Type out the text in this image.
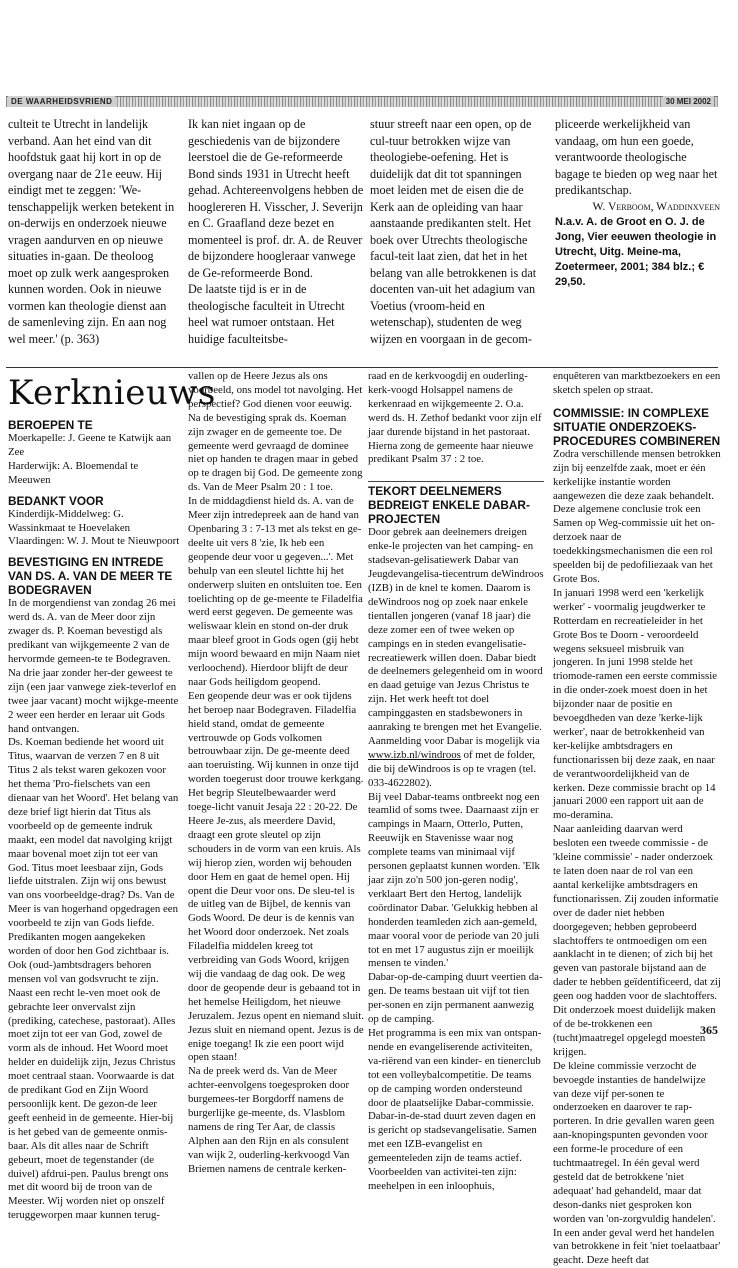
DE WAARHEIDSVRIEND	30 MEI 2002

culteit te Utrecht in landelijk verband. Aan het eind van dit hoofdstuk gaat hij kort in op de overgang naar de 21e eeuw. Hij eindigt met te zeggen: 'We-tenschappelijk werken betekent in on-derwijs en onderzoek nieuwe vragen aandurven en op nieuwe situaties in-gaan. De theoloog moet op zulk werk aangesproken kunnen worden. Ook in nieuwe vormen kan theologie dienst aan de samenleving zijn. En aan nog wel meer.' (p. 363)

Ik kan niet ingaan op de geschiedenis van de bijzondere leerstoel die de Ge-reformeerde Bond sinds 1931 in Utrecht heeft gehad. Achtereenvolgens hebben de hooglereren H. Visscher, J. Severijn en C. Graafland deze bezet en momenteel is prof. dr. A. de Reuver de bijzondere hoogleraar vanwege de Ge-reformeerde Bond.
De laatste tijd is er in de theologische faculteit in Utrecht heel wat rumoer ontstaan. Het huidige faculteitsbe-

stuur streeft naar een open, op de cul-tuur betrokken wijze van theologiebe-oefening. Het is duidelijk dat dit tot spanningen moet leiden met de eisen die de Kerk aan de opleiding van haar aanstaande predikanten stelt. Het boek over Utrechts theologische facul-teit laat zien, dat het in het belang van alle betrokkenen is dat docenten van-uit het adagium van Voetius (vroom-heid en wetenschap), studenten de weg wijzen en voorgaan in de gecom-

pliceerde werkelijkheid van vandaag, om hun een goede, verantwoorde theologische bagage te bieden op weg naar het predikantschap.

W. Verboom, Waddinxveen

N.a.v. A. de Groot en O. J. de Jong, Vier eeuwen theologie in Utrecht, Uitg. Meine-ma, Zoetermeer, 2001; 384 blz.; € 29,50.

Kerknieuws
BEROEPEN TE

Moerkapelle: J. Geene te Katwijk aan Zee
Harderwijk: A. Bloemendal te Meeuwen

BEDANKT VOOR

Kinderdijk-Middelweg: G. Wassinkmaat te Hoevelaken
Vlaardingen: W. J. Mout te Nieuwpoort

BEVESTIGING EN INTREDE VAN DS. A. VAN DE MEER TE BODEGRAVEN

In de morgendienst van zondag 26 mei werd ds. A. van de Meer door zijn zwager ds. P. Koeman bevestigd als predikant van wijkgemeente 2 van de hervormde gemeen-te te Bodegraven. Na drie jaar zonder her-der geweest te zijn (een jaar vanwege ziek-teverlof en twee jaar vacant) mocht wijkge-meente 2 weer een herder en leraar uit Gods hand ontvangen.
Ds. Koeman bediende het woord uit Titus, waarvan de verzen 7 en 8 uit Titus 2 als tekst waren gekozen voor het thema 'Pro-fielschets van een dienaar van het Woord'. Het belang van deze brief ligt hierin dat Titus als voorbeeld op de gemeente indruk maakt, een model dat navolging krijgt maar bovenal moet zijn tot eer van God. Titus moet leesbaar zijn, Gods liefde uitstralen. Zijn wij ons bewust van ons voorbeeldge-drag? Ds. Van de Meer is van hogerhand opgedragen een voorbeeld te zijn van Gods liefde. Predikanten mogen aangekeken worden of door hen God zichtbaar is. Ook (oud-)ambtsdragers behoren mensen vol van godsvrucht te zijn. Naast een recht le-ven moet ook de gebrachte leer onvervalst zijn (prediking, catechese, pastoraat). Alles moet zijn tot eer van God, zowel de vorm als de inhoud. Het Woord moet helder en duidelijk zijn, Jezus Christus moet centraal staan. Voorwaarde is dat de predikant God en Zijn Woord persoonlijk kent. De gezon-de leer geeft eenheid in de gemeente. Hier-bij is het gebed van de gemeente onmis-baar. Als dit alles naar de Schrift gebeurt, moet de tegenstander (de duivel) afdrui-pen. Paulus brengt ons met dit woord bij de troon van de Meester. Wij worden niet op onszelf teruggeworpen maar kunnen terug-

vallen op de Heere Jezus als ons voorbeeld, ons model tot navolging. Het perspectief? God dienen voor eeuwig.
Na de bevestiging sprak ds. Koeman zijn zwager en de gemeente toe. De gemeente werd gevraagd de dominee niet op handen te dragen maar in gebed op te dragen bij God. De gemeente zong ds. Van de Meer Psalm 20 : 1 toe.
In de middagdienst hield ds. A. van de Meer zijn intredepreek aan de hand van Openbaring 3 : 7-13 met als tekst en ge-deelte uit vers 8 'zie, Ik heb een geopende deur voor u gegeven...'. Met behulp van een sleutel lichtte hij het onderwerp sluiten en ontsluiten toe. Een toelichting op de ge-meente te Filadelfia werd eerst gegeven. De gemeente was weliswaar klein en stond on-der druk maar bleef groot in Gods ogen (gij hebt mijn woord bewaard en mijn Naam niet verloochend). Hierdoor blijft de deur naar Gods heiligdom geopend.
Een geopende deur was er ook tijdens het beroep naar Bodegraven. Filadelfia hield stand, omdat de gemeente vertrouwde op Gods volkomen betrouwbaar zijn. De ge-meente deed aan toeruisting. Wij kunnen in onze tijd worden toegerust door trouwe kerkgang.
Het begrip Sleutelbewaarder werd toege-licht vanuit Jesaja 22 : 20-22. De Heere Je-zus, als meerdere David, draagt een grote sleutel op zijn schouders in de vorm van een kruis. Als wij hierop zien, worden wij behouden door Hem en gaat de hemel open. Hij opent die Deur voor ons. De sleu-tel is de uitleg van de Bijbel, de kennis van Gods Woord. De deur is de kennis van het Woord door onderzoek. Net zoals Filadelfia middelen kreeg tot verbreiding van Gods Woord, krijgen wij die vandaag de dag ook. De weg door de geopende deur is gebaand tot in het hemelse Heiligdom, het nieuwe Jeruzalem. Jezus opent en niemand sluit. Jezus sluit en niemand opent. Jezus is de enige toegang! Ik zie een poort wijd open staan!
Na de preek werd ds. Van de Meer achter-eenvolgens toegesproken door burgemees-ter Borgdorff namens de burgerlijke ge-meente, ds. Vlasblom namens de ring Ter Aar, de classis Alphen aan den Rijn en als consulent van wijk 2, ouderling-kerkvoogd Van Briemen namens de centrale kerken-

raad en de kerkvoogdij en ouderling-kerk-voogd Holsappel namens de kerkenraad en wijkgemeente 2. O.a. werd ds. H. Zethof bedankt voor zijn elf jaar durende bijstand in het pastoraat. Hierna zong de gemeente haar nieuwe predikant Psalm 37 : 2 toe.

TEKORT DEELNEMERS BEDREIGT ENKELE DABAR-PROJECTEN

Door gebrek aan deelnemers dreigen enke-le projecten van het camping- en stadsevan-gelisatiewerk Dabar van Jeugdevangelisa-tiecentrum deWindroos (IZB) in de knel te komen. Daarom is deWindroos nog op zoek naar enkele tientallen jongeren (vanaf 18 jaar) die deze zomer een of twee weken op campings en in steden evangelisatie-recreatiewerk willen doen. Dabar biedt de deelnemers gelegenheid om in woord en daad getuige van Jezus Christus te zijn. Het werk heeft tot doel campinggasten en stadsbewoners in aanraking te brengen met het Evangelie.
Aanmelding voor Dabar is mogelijk via www.izb.nl/windroos of met de folder, die bij deWindroos is op te vragen (tel. 033-4622802).
Bij veel Dabar-teams ontbreekt nog een teamlid of soms twee. Daarnaast zijn er campings in Maarn, Otterlo, Putten, Reeuwijk en Stavenisse waar nog complete teams van minimaal vijf personen geplaatst kunnen worden. 'Elk jaar zijn zo'n 500 jon-geren nodig', verklaart Bert den Hertog, landelijk coördinator Dabar. 'Gelukkig hebben al honderden teamleden zich aan-gemeld, maar vooral voor de periode van 20 juli tot en met 17 augustus zijn er moeilijk mensen te vinden.'
Dabar-op-de-camping duurt veertien da-gen. De teams bestaan uit vijf tot tien per-sonen en zijn permanent aanwezig op de camping.
Het programma is een mix van ontspan-nende en evangeliserende activiteiten, va-riërend van een kinder- en tienerclub tot een volleybalcompetitie. De teams op de camping worden ondersteund door de plaatselijke Dabar-commissie.
Dabar-in-de-stad duurt zeven dagen en is gericht op stadsevangelisatie. Samen met een IZB-evangelist en gemeenteleden zijn de teams actief. Voorbeelden van activitei-ten zijn: meehelpen in een inloophuis,

enquêteren van marktbezoekers en een sketch spelen op straat.

COMMISSIE: IN COMPLEXE SITUATIE ONDERZOEKS-PROCEDURES COMBINEREN

Zodra verschillende mensen betrokken zijn bij eenzelfde zaak, moet er één kerkelijke instantie worden aangewezen die deze zaak behandelt. Deze algemene conclusie trok een Samen op Weg-commissie uit het on-derzoek naar de toedekkingsmechanismen die een rol speelden bij de pedofiliezaak van het Grote Bos.
In januari 1998 werd een 'kerkelijk werker' - voormalig jeugdwerker te Rotterdam en recreatieleider in het Grote Bos te Doorn - veroordeeld wegens seksueel misbruik van jongeren. In juni 1998 stelde het triomode-ramen een eerste commissie in die onder-zoek moest doen in het bijzonder naar de positie en bevoegdheden van deze 'kerke-lijk werker', naar de betrokkenheid van ker-kelijke ambtsdragers en functionarissen bij deze zaak, en naar de verantwoordelijkheid van de kerken. Deze commissie bracht op 14 januari 2000 een rapport uit aan de mo-deramina.
Naar aanleiding daarvan werd besloten een tweede commissie - de 'kleine commissie' - nader onderzoek te laten doen naar de rol van een aantal kerkelijke ambtsdragers en functionarissen. Zij zouden informatie over de dader niet hebben doorgegeven; hebben geprobeerd slachtoffers te ontmoedigen om een aanklacht in te dienen; of zich bij het geven van pastorale bijstand aan de dader te hebben geïdentificeerd, dat zij geen oog hadden voor de slachtoffers. Dit onderzoek moest duidelijk maken of de be-trokkenen een (tucht)maatregel opgelegd moesten krijgen.
De kleine commissie verzocht de bevoegde instanties de handelwijze van deze vijf per-sonen te onderzoeken en daarover te rap-porteren. In drie gevallen waren geen aan-knopingspunten gevonden voor een forme-le procedure of een tuchtmaatregel. In één geval werd gesteld dat de betrokkene 'niet adequaat' had gehandeld, maar dat deson-danks niet gesproken kon worden van 'on-zorgvuldig handelen'. In een ander geval werd het handelen van betrokkene in feit 'niet toelaatbaar' geacht. Deze heeft dat

365
